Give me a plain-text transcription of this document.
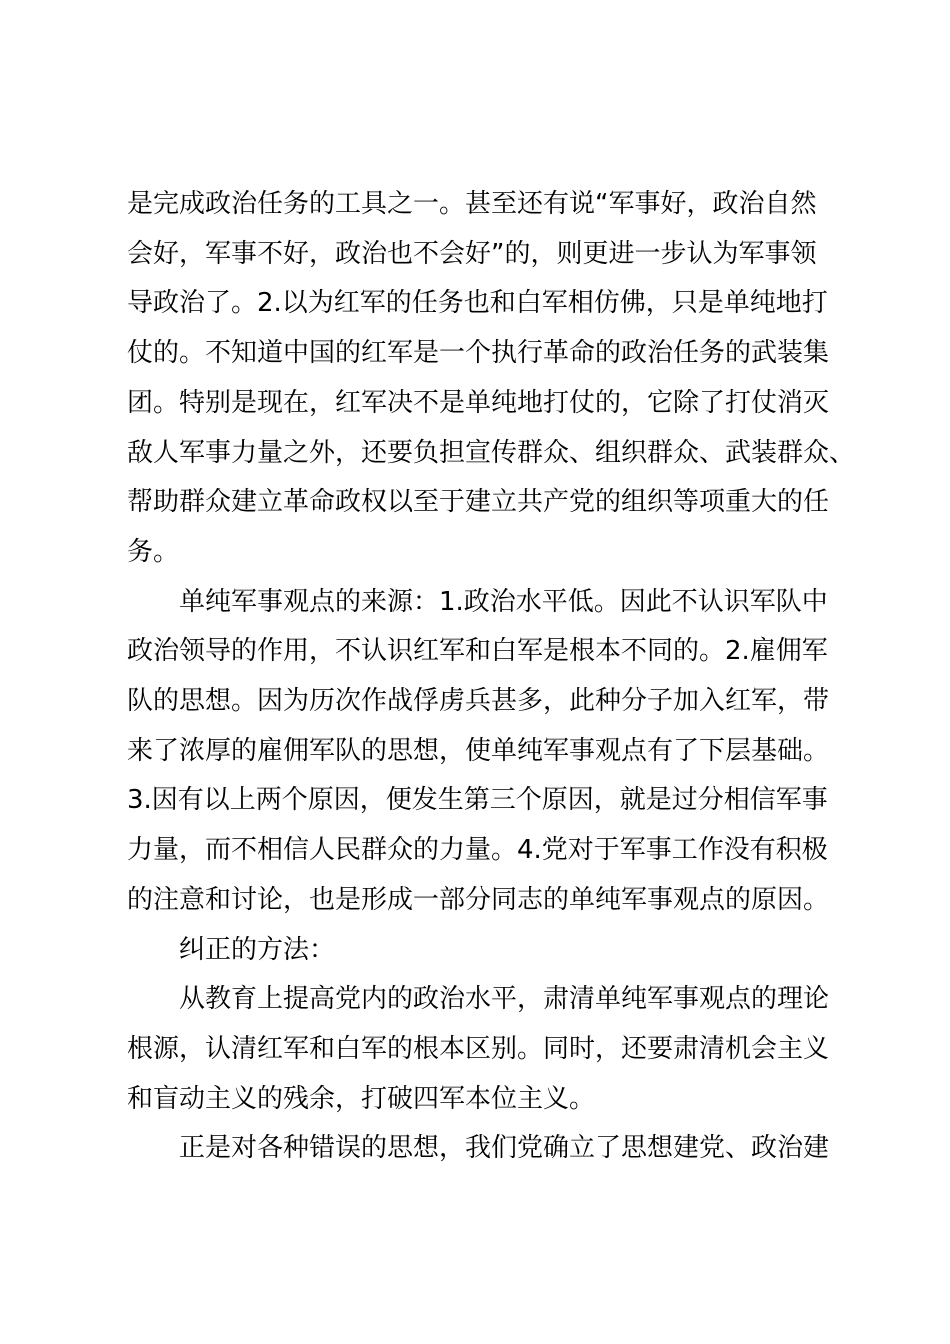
是完成政治任务的工具之一。甚至还有说“军事好，政治自然
会好，军事不好，政治也不会好”的，则更进一步认为军事领
导政治了。2.以为红军的任务也和白军相仿佛，只是单纯地打
仗的。不知道中国的红军是一个执行革命的政治任务的武装集
团。特别是现在，红军决不是单纯地打仗的，它除了打仗消灭
敌人军事力量之外，还要负担宣传群众、组织群众、武装群众、
帮助群众建立革命政权以至于建立共产党的组织等项重大的任
务。

单纯军事观点的来源：1.政治水平低。因此不认识军队中
政治领导的作用，不认识红军和白军是根本不同的。2.雇佣军
队的思想。因为历次作战俘虏兵甚多，此种分子加入红军，带
来了浓厚的雇佣军队的思想，使单纯军事观点有了下层基础。
3.因有以上两个原因，便发生第三个原因，就是过分相信军事
力量，而不相信人民群众的力量。4.党对于军事工作没有积极
的注意和讨论，也是形成一部分同志的单纯军事观点的原因。

纠正的方法：

从教育上提高党内的政治水平，肃清单纯军事观点的理论
根源，认清红军和白军的根本区别。同时，还要肃清机会主义
和盲动主义的残余，打破四军本位主义。

正是对各种错误的思想，我们党确立了思想建党、政治建
